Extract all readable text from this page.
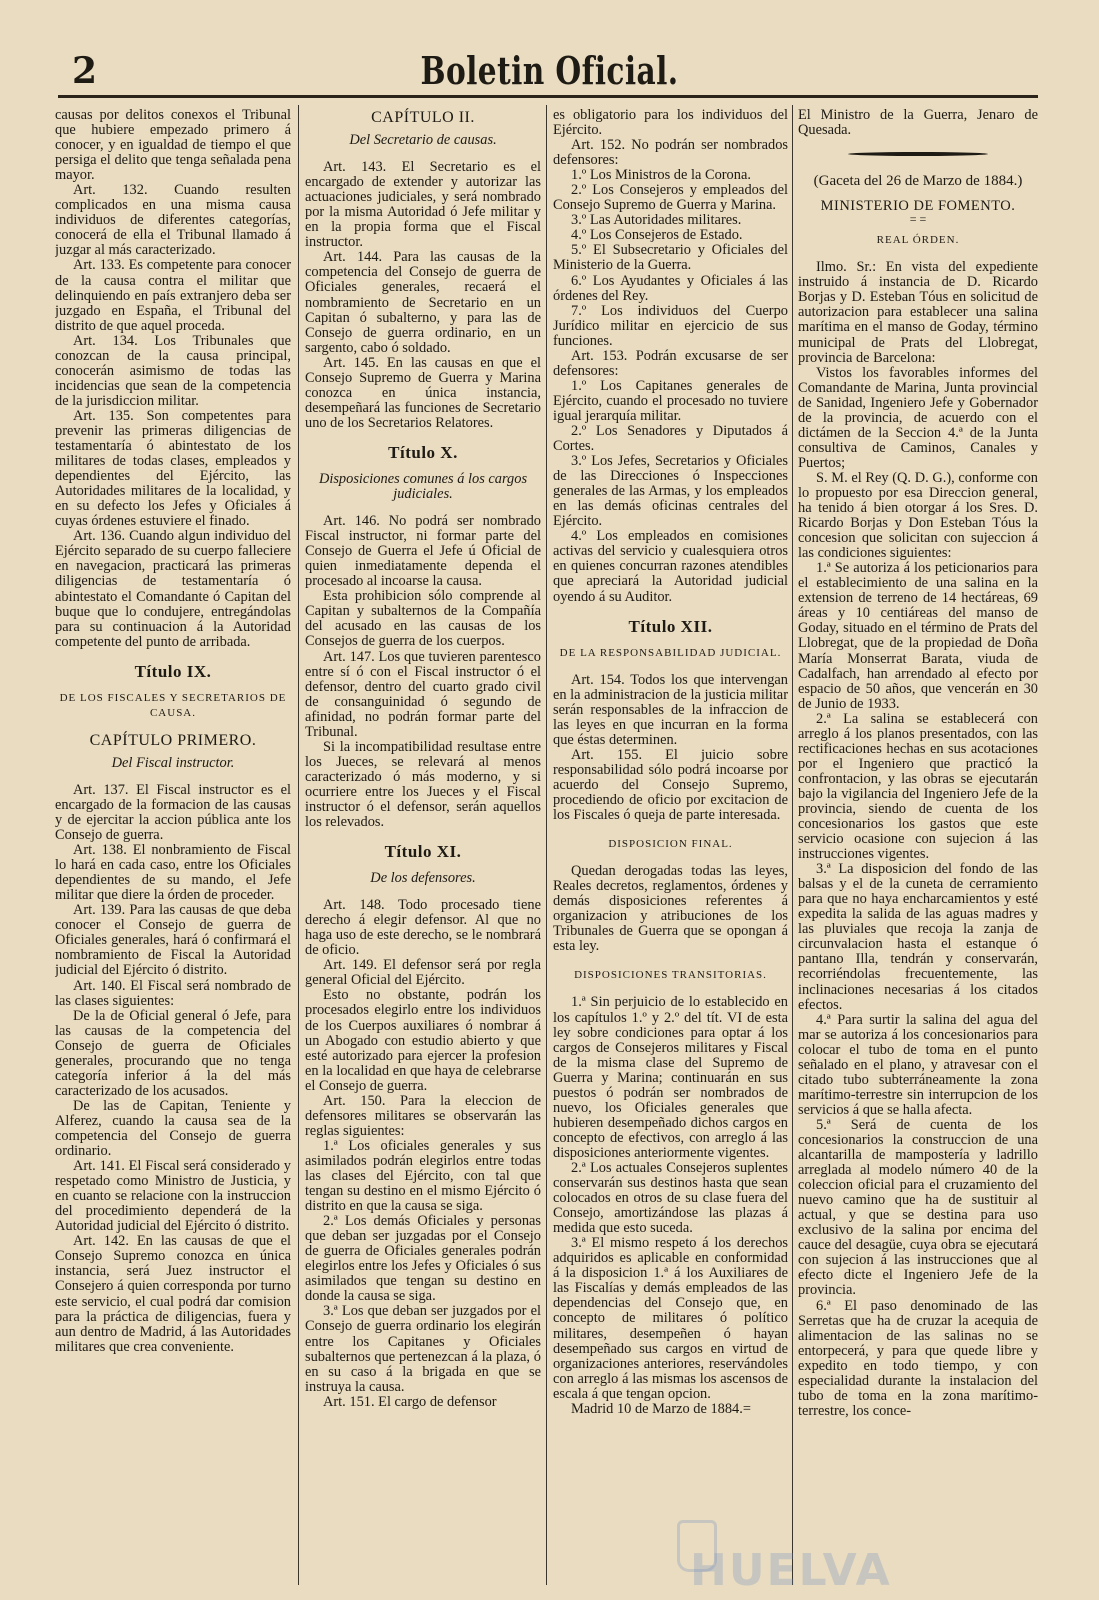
2	Boletin Oficial.

causas por delitos conexos el Tribunal que hubiere empezado primero á conocer, y en igualdad de tiempo el que persiga el delito que tenga señalada pena mayor.

Art. 132. Cuando resulten complicados en una misma causa individuos de diferentes categorías, conocerá de ella el Tribunal llamado á juzgar al más caracterizado.

Art. 133. Es competente para conocer de la causa contra el militar que delinquiendo en país extranjero deba ser juzgado en España, el Tribunal del distrito de que aquel proceda.

Art. 134. Los Tribunales que conozcan de la causa principal, conocerán asimismo de todas las incidencias que sean de la competencia de la jurisdiccion militar.

Art. 135. Son competentes para prevenir las primeras diligencias de testamentaría ó abintestato de los militares de todas clases, empleados y dependientes del Ejército, las Autoridades militares de la localidad, y en su defecto los Jefes y Oficiales á cuyas órdenes estuviere el finado.

Art. 136. Cuando algun individuo del Ejército separado de su cuerpo falleciere en navegacion, practicará las primeras diligencias de testamentaría ó abintestato el Comandante ó Capitan del buque que lo condujere, entregándolas para su continuacion á la Autoridad competente del punto de arribada.

Título IX.
DE LOS FISCALES Y SECRETARIOS DE CAUSA.
CAPÍTULO PRIMERO.
Del Fiscal instructor.

Art. 137. El Fiscal instructor es el encargado de la formacion de las causas y de ejercitar la accion pública ante los Consejo de guerra.

Art. 138. El nonbramiento de Fiscal lo hará en cada caso, entre los Oficiales dependientes de su mando, el Jefe militar que diere la órden de proceder.

Art. 139. Para las causas de que deba conocer el Consejo de guerra de Oficiales generales, hará ó confirmará el nombramiento de Fiscal la Autoridad judicial del Ejército ó distrito.

Art. 140. El Fiscal será nombrado de las clases siguientes:

De la de Oficial general ó Jefe, para las causas de la competencia del Consejo de guerra de Oficiales generales, procurando que no tenga categoría inferior á la del más caracterizado de los acusados.

De las de Capitan, Teniente y Alferez, cuando la causa sea de la competencia del Consejo de guerra ordinario.

Art. 141. El Fiscal será considerado y respetado como Ministro de Justicia, y en cuanto se relacione con la instruccion del procedimiento dependerá de la Autoridad judicial del Ejército ó distrito.

Art. 142. En las causas de que el Consejo Supremo conozca en única instancia, será Juez instructor el Consejero á quien corresponda por turno este servicio, el cual podrá dar comision para la práctica de diligencias, fuera y aun dentro de Madrid, á las Autoridades militares que crea conveniente.

CAPÍTULO II.
Del Secretario de causas.

Art. 143. El Secretario es el encargado de extender y autorizar las actuaciones judiciales, y será nombrado por la misma Autoridad ó Jefe militar y en la propia forma que el Fiscal instructor.

Art. 144. Para las causas de la competencia del Consejo de guerra de Oficiales generales, recaerá el nombramiento de Secretario en un Capitan ó subalterno, y para las de Consejo de guerra ordinario, en un sargento, cabo ó soldado.

Art. 145. En las causas en que el Consejo Supremo de Guerra y Marina conozca en única instancia, desempeñará las funciones de Secretario uno de los Secretarios Relatores.

Título X.
Disposiciones comunes á los cargos judiciales.

Art. 146. No podrá ser nombrado Fiscal instructor, ni formar parte del Consejo de Guerra el Jefe ú Oficial de quien inmediatamente dependa el procesado al incoarse la causa.

Esta prohibicion sólo comprende al Capitan y subalternos de la Compañía del acusado en las causas de los Consejos de guerra de los cuerpos.

Art. 147. Los que tuvieren parentesco entre sí ó con el Fiscal instructor ó el defensor, dentro del cuarto grado civil de consanguinidad ó segundo de afinidad, no podrán formar parte del Tribunal.

Si la incompatibilidad resultase entre los Jueces, se relevará al menos caracterizado ó más moderno, y si ocurriere entre los Jueces y el Fiscal instructor ó el defensor, serán aquellos los relevados.

Título XI.
De los defensores.

Art. 148. Todo procesado tiene derecho á elegir defensor. Al que no haga uso de este derecho, se le nombrará de oficio.

Art. 149. El defensor será por regla general Oficial del Ejército.

Esto no obstante, podrán los procesados elegirlo entre los individuos de los Cuerpos auxiliares ó nombrar á un Abogado con estudio abierto y que esté autorizado para ejercer la profesion en la localidad en que haya de celebrarse el Consejo de guerra.

Art. 150. Para la eleccion de defensores militares se observarán las reglas siguientes:

1.ª Los oficiales generales y sus asimilados podrán elegirlos entre todas las clases del Ejército, con tal que tengan su destino en el mismo Ejército ó distrito en que la causa se siga.

2.ª Los demás Oficiales y personas que deban ser juzgadas por el Consejo de guerra de Oficiales generales podrán elegirlos entre los Jefes y Oficiales ó sus asimilados que tengan su destino en donde la causa se siga.

3.ª Los que deban ser juzgados por el Consejo de guerra ordinario los elegirán entre los Capitanes y Oficiales subalternos que pertenezcan á la plaza, ó en su caso á la brigada en que se instruya la causa.

Art. 151. El cargo de defensor

es obligatorio para los individuos del Ejército.

Art. 152. No podrán ser nombrados defensores:

1.º Los Ministros de la Corona.

2.º Los Consejeros y empleados del Consejo Supremo de Guerra y Marina.

3.º Las Autoridades militares.

4.º Los Consejeros de Estado.

5.º El Subsecretario y Oficiales del Ministerio de la Guerra.

6.º Los Ayudantes y Oficiales á las órdenes del Rey.

7.º Los individuos del Cuerpo Jurídico militar en ejercicio de sus funciones.

Art. 153. Podrán excusarse de ser defensores:

1.º Los Capitanes generales de Ejército, cuando el procesado no tuviere igual jerarquía militar.

2.º Los Senadores y Diputados á Cortes.

3.º Los Jefes, Secretarios y Oficiales de las Direcciones ó Inspecciones generales de las Armas, y los empleados en las demás oficinas centrales del Ejército.

4.º Los empleados en comisiones activas del servicio y cualesquiera otros en quienes concurran razones atendibles que apreciará la Autoridad judicial oyendo á su Auditor.

Título XII.
DE LA RESPONSABILIDAD JUDICIAL.

Art. 154. Todos los que intervengan en la administracion de la justicia militar serán responsables de la infraccion de las leyes en que incurran en la forma que éstas determinen.

Art. 155. El juicio sobre responsabilidad sólo podrá incoarse por acuerdo del Consejo Supremo, procediendo de oficio por excitacion de los Fiscales ó queja de parte interesada.

DISPOSICION FINAL.

Quedan derogadas todas las leyes, Reales decretos, reglamentos, órdenes y demás disposiciones referentes á organizacion y atribuciones de los Tribunales de Guerra que se opongan á esta ley.

DISPOSICIONES TRANSITORIAS.

1.ª Sin perjuicio de lo establecido en los capítulos 1.º y 2.º del tít. VI de esta ley sobre condiciones para optar á los cargos de Consejeros militares y Fiscal de la misma clase del Supremo de Guerra y Marina; continuarán en sus puestos ó podrán ser nombrados de nuevo, los Oficiales generales que hubieren desempeñado dichos cargos en concepto de efectivos, con arreglo á las disposiciones anteriormente vigentes.

2.ª Los actuales Consejeros suplentes conservarán sus destinos hasta que sean colocados en otros de su clase fuera del Consejo, amortizándose las plazas á medida que esto suceda.

3.ª El mismo respeto á los derechos adquiridos es aplicable en conformidad á la disposicion 1.ª á los Auxiliares de las Fiscalías y demás empleados de las dependencias del Consejo que, en concepto de militares ó político militares, desempeñen ó hayan desempeñado sus cargos en virtud de organizaciones anteriores, reservándoles con arreglo á las mismas los ascensos de escala á que tengan opcion.

Madrid 10 de Marzo de 1884.=

El Ministro de la Guerra, Jenaro de Quesada.

(Gaceta del 26 de Marzo de 1884.)
MINISTERIO DE FOMENTO.
= =
REAL ÓRDEN.

Ilmo. Sr.: En vista del expediente instruido á instancia de D. Ricardo Borjas y D. Esteban Tóus en solicitud de autorizacion para establecer una salina marítima en el manso de Goday, término municipal de Prats del Llobregat, provincia de Barcelona:

Vistos los favorables informes del Comandante de Marina, Junta provincial de Sanidad, Ingeniero Jefe y Gobernador de la provincia, de acuerdo con el dictámen de la Seccion 4.ª de la Junta consultiva de Caminos, Canales y Puertos;

S. M. el Rey (Q. D. G.), conforme con lo propuesto por esa Direccion general, ha tenido á bien otorgar á los Sres. D. Ricardo Borjas y Don Esteban Tóus la concesion que solicitan con sujeccion á las condiciones siguientes:

1.ª Se autoriza á los peticionarios para el establecimiento de una salina en la extension de terreno de 14 hectáreas, 69 áreas y 10 centiáreas del manso de Goday, situado en el término de Prats del Llobregat, que de la propiedad de Doña María Monserrat Barata, viuda de Cadalfach, han arrendado al efecto por espacio de 50 años, que vencerán en 30 de Junio de 1933.

2.ª La salina se establecerá con arreglo á los planos presentados, con las rectificaciones hechas en sus acotaciones por el Ingeniero que practicó la confrontacion, y las obras se ejecutarán bajo la vigilancia del Ingeniero Jefe de la provincia, siendo de cuenta de los concesionarios los gastos que este servicio ocasione con sujecion á las instrucciones vigentes.

3.ª La disposicion del fondo de las balsas y el de la cuneta de cerramiento para que no haya encharcamientos y esté expedita la salida de las aguas madres y las pluviales que recoja la zanja de circunvalacion hasta el estanque ó pantano Illa, tendrán y conservarán, recorriéndolas frecuentemente, las inclinaciones necesarias á los citados efectos.

4.ª Para surtir la salina del agua del mar se autoriza á los concesionarios para colocar el tubo de toma en el punto señalado en el plano, y atravesar con el citado tubo subterráneamente la zona marítimo-terrestre sin interrupcion de los servicios á que se halla afecta.

5.ª Será de cuenta de los concesionarios la construccion de una alcantarilla de mampostería y ladrillo arreglada al modelo número 40 de la coleccion oficial para el cruzamiento del nuevo camino que ha de sustituir al actual, y que se destina para uso exclusivo de la salina por encima del cauce del desagüe, cuya obra se ejecutará con sujecion á las instrucciones que al efecto dicte el Ingeniero Jefe de la provincia.

6.ª El paso denominado de las Serretas que ha de cruzar la acequia de alimentacion de las salinas no se entorpecerá, y para que quede libre y expedito en todo tiempo, y con especialidad durante la instalacion del tubo de toma en la zona marítimo-terrestre, los conce-

HUELVA
